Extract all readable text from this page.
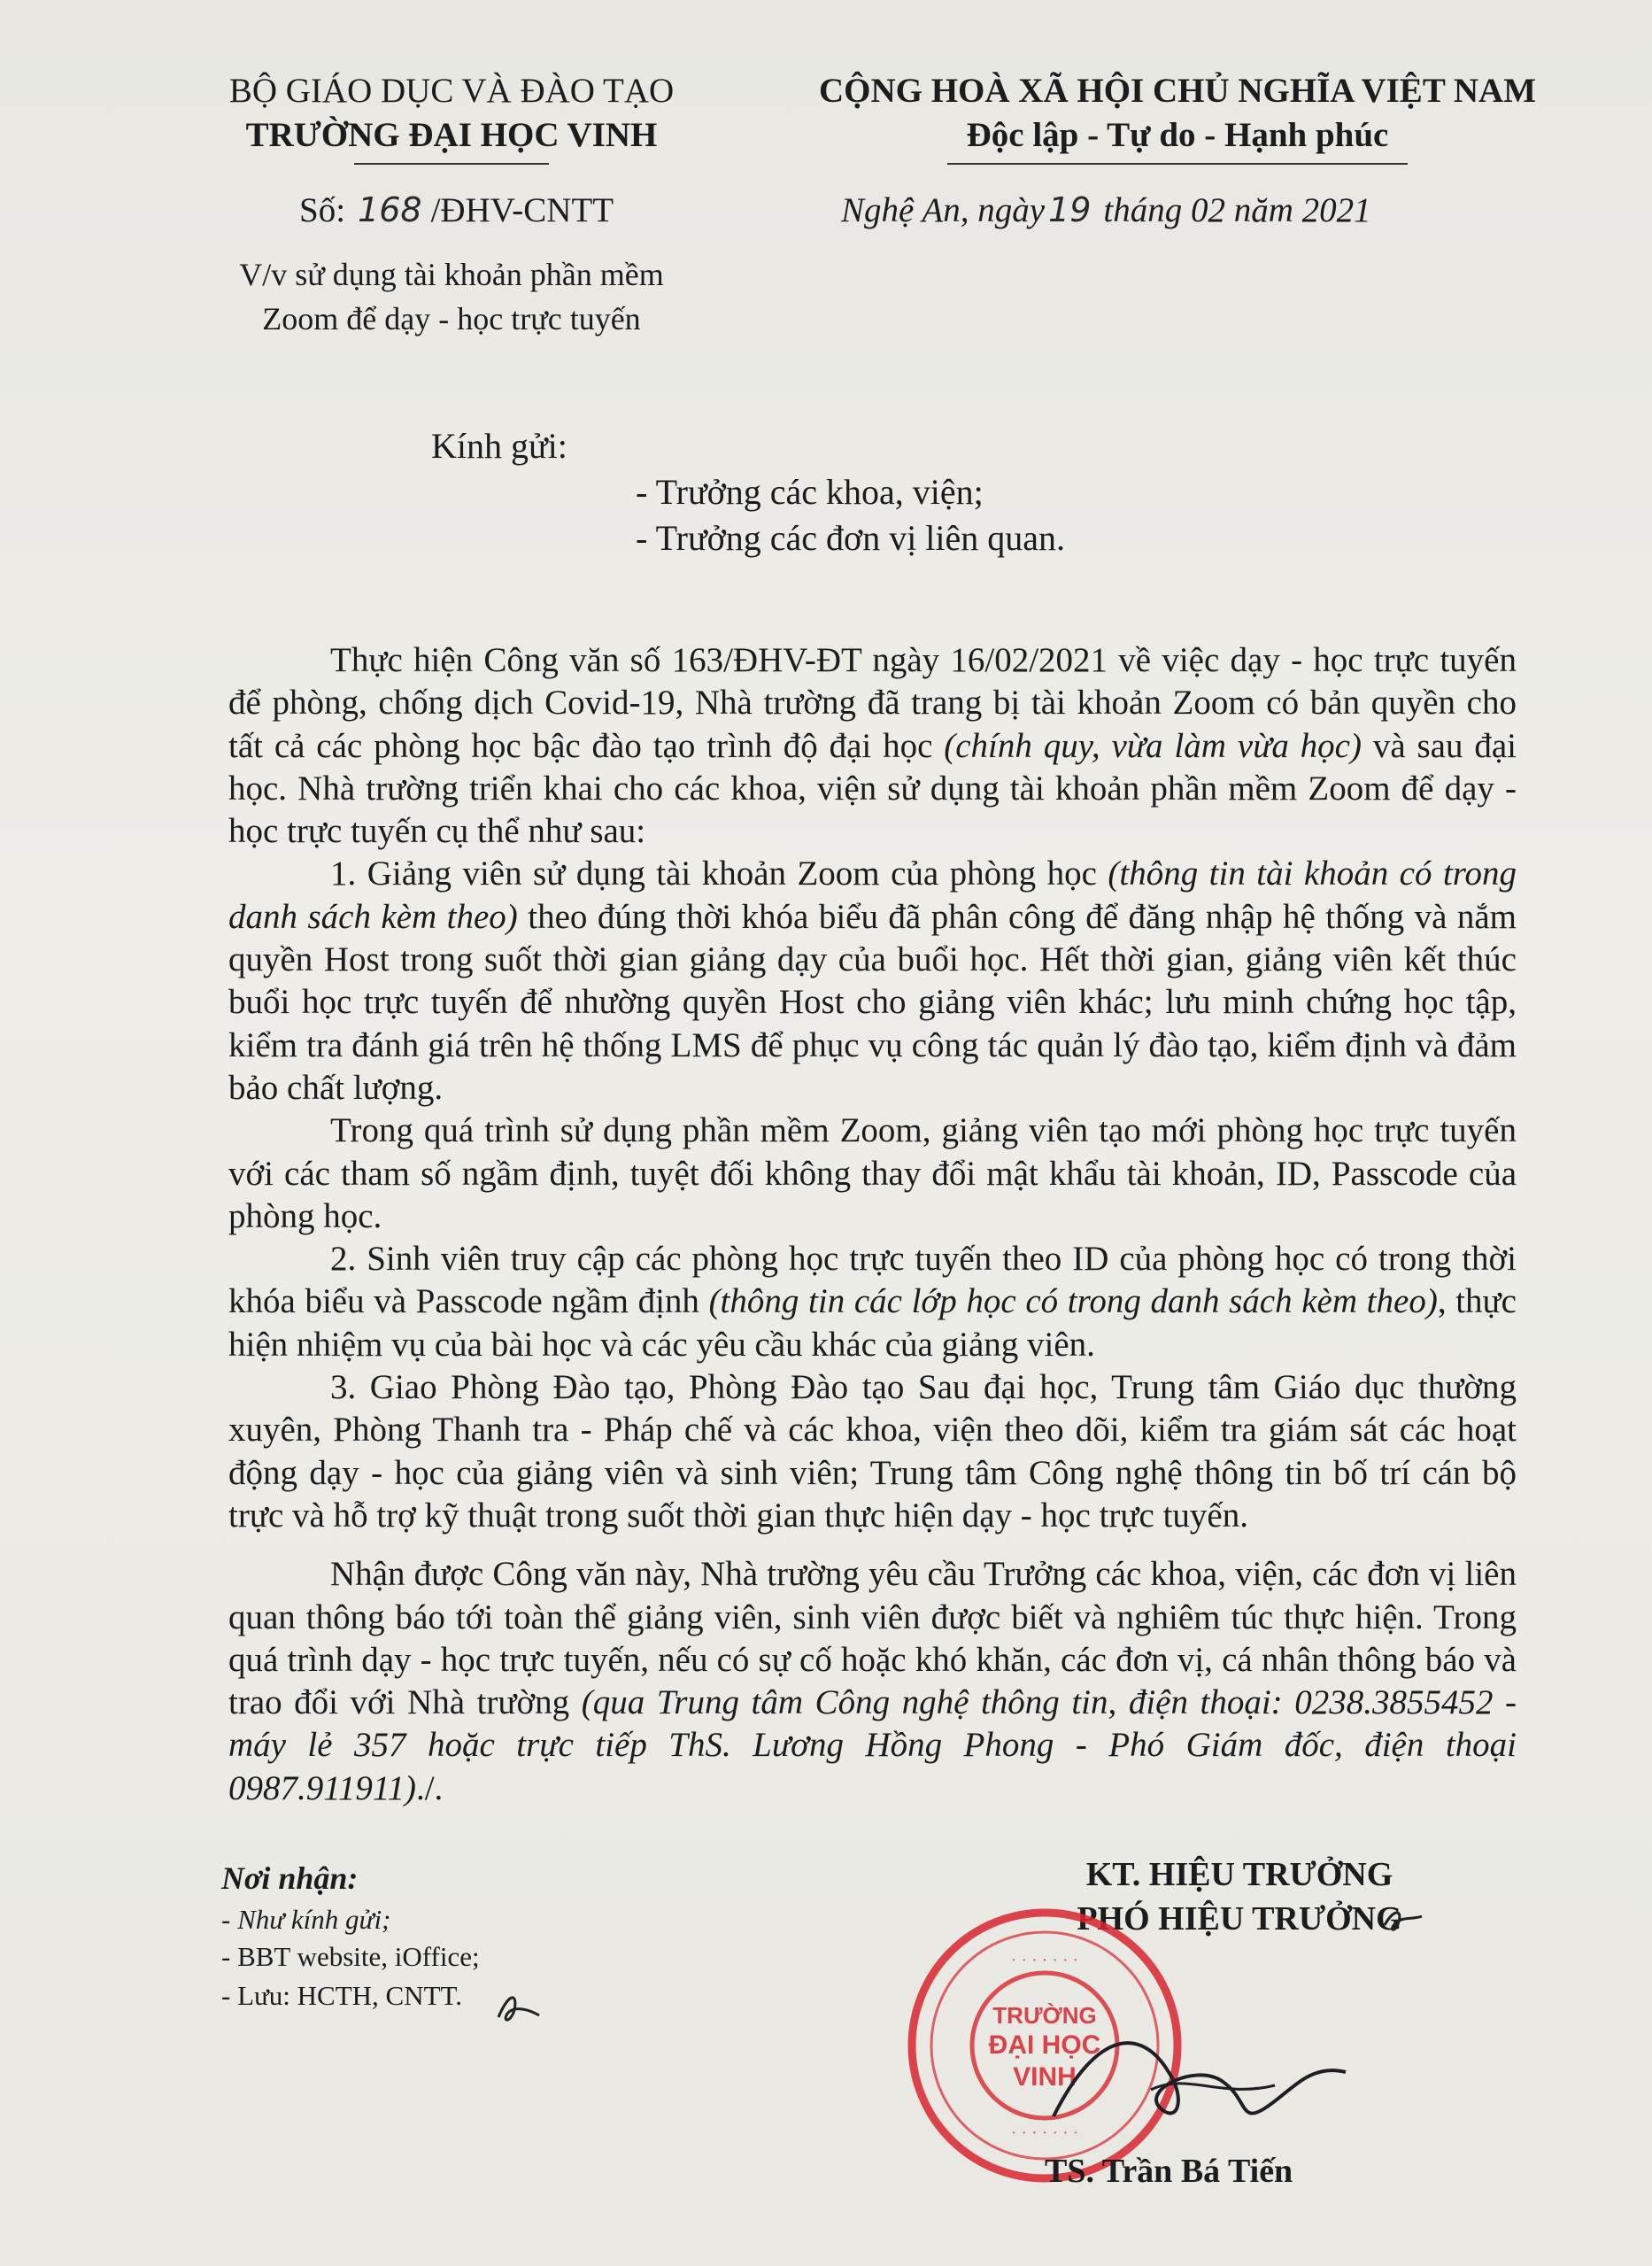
BỘ GIÁO DỤC VÀ ĐÀO TẠO
TRƯỜNG ĐẠI HỌC VINH
CỘNG HOÀ XÃ HỘI CHỦ NGHĨA VIỆT NAM
Độc lập - Tự do - Hạnh phúc
Số: 168 /ĐHV-CNTT	Nghệ An, ngày 19 tháng 02 năm 2021
V/v sử dụng tài khoản phần mềm
Zoom để dạy - học trực tuyến
Kính gửi:
- Trưởng các khoa, viện;
- Trưởng các đơn vị liên quan.

Thực hiện Công văn số 163/ĐHV-ĐT ngày 16/02/2021 về việc dạy - học trực tuyến để phòng, chống dịch Covid-19, Nhà trường đã trang bị tài khoản Zoom có bản quyền cho tất cả các phòng học bậc đào tạo trình độ đại học (chính quy, vừa làm vừa học) và sau đại học. Nhà trường triển khai cho các khoa, viện sử dụng tài khoản phần mềm Zoom để dạy - học trực tuyến cụ thể như sau:

1. Giảng viên sử dụng tài khoản Zoom của phòng học (thông tin tài khoản có trong danh sách kèm theo) theo đúng thời khóa biểu đã phân công để đăng nhập hệ thống và nắm quyền Host trong suốt thời gian giảng dạy của buổi học. Hết thời gian, giảng viên kết thúc buổi học trực tuyến để nhường quyền Host cho giảng viên khác; lưu minh chứng học tập, kiểm tra đánh giá trên hệ thống LMS để phục vụ công tác quản lý đào tạo, kiểm định và đảm bảo chất lượng.

Trong quá trình sử dụng phần mềm Zoom, giảng viên tạo mới phòng học trực tuyến với các tham số ngầm định, tuyệt đối không thay đổi mật khẩu tài khoản, ID, Passcode của phòng học.

2. Sinh viên truy cập các phòng học trực tuyến theo ID của phòng học có trong thời khóa biểu và Passcode ngầm định (thông tin các lớp học có trong danh sách kèm theo), thực hiện nhiệm vụ của bài học và các yêu cầu khác của giảng viên.

3. Giao Phòng Đào tạo, Phòng Đào tạo Sau đại học, Trung tâm Giáo dục thường xuyên, Phòng Thanh tra - Pháp chế và các khoa, viện theo dõi, kiểm tra giám sát các hoạt động dạy - học của giảng viên và sinh viên; Trung tâm Công nghệ thông tin bố trí cán bộ trực và hỗ trợ kỹ thuật trong suốt thời gian thực hiện dạy - học trực tuyến.

Nhận được Công văn này, Nhà trường yêu cầu Trưởng các khoa, viện, các đơn vị liên quan thông báo tới toàn thể giảng viên, sinh viên được biết và nghiêm túc thực hiện. Trong quá trình dạy - học trực tuyến, nếu có sự cố hoặc khó khăn, các đơn vị, cá nhân thông báo và trao đổi với Nhà trường (qua Trung tâm Công nghệ thông tin, điện thoại: 0238.3855452 - máy lẻ 357 hoặc trực tiếp ThS. Lương Hồng Phong - Phó Giám đốc, điện thoại 0987.911911)./.

Nơi nhận:
- Như kính gửi;
- BBT website, iOffice;
- Lưu: HCTH, CNTT.
KT. HIỆU TRƯỞNG
PHÓ HIỆU TRƯỞNG
· · · · · · ·
· · · · · · ·
TRƯỜNG
ĐẠI HỌC
VINH
TS. Trần Bá Tiến
